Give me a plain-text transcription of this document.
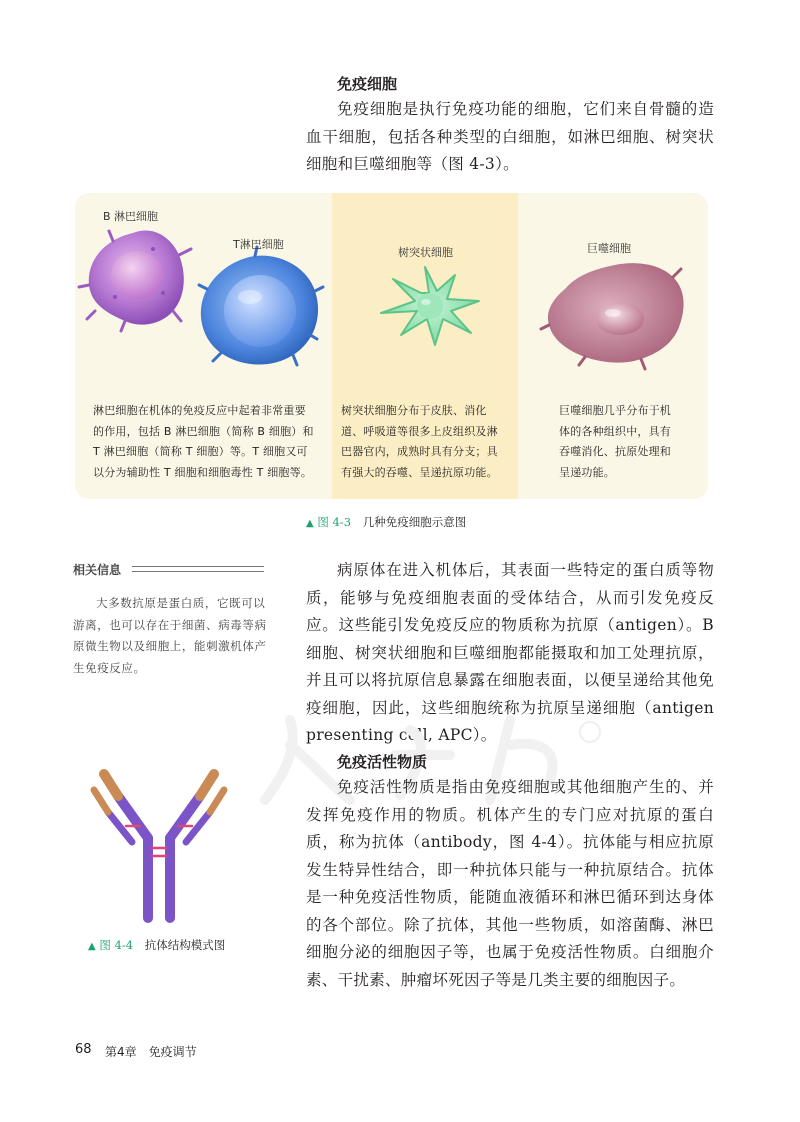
免疫细胞

免疫细胞是执行免疫功能的细胞，它们来自骨髓的造血干细胞，包括各种类型的白细胞，如淋巴细胞、树突状细胞和巨噬细胞等（图 4-3）。

B 淋巴细胞
T淋巴细胞
树突状细胞	巨噬细胞
淋巴细胞在机体的免疫反应中起着非常重要
的作用，包括 B 淋巴细胞（简称 B 细胞）和
T 淋巴细胞（简称 T 细胞）等。T 细胞又可
以分为辅助性 T 细胞和细胞毒性 T 细胞等。
树突状细胞分布于皮肤、消化
道、呼吸道等很多上皮组织及淋
巴器官内，成熟时具有分支；具
有强大的吞噬、呈递抗原功能。
巨噬细胞几乎分布于机
体的各种组织中，具有
吞噬消化、抗原处理和
呈递功能。
▲ 图 4-3 几种免疫细胞示意图
相关信息
大多数抗原是蛋白质，它既可以游离，也可以存在于细菌、病毒等病原微生物以及细胞上，能刺激机体产生免疫反应。

病原体在进入机体后，其表面一些特定的蛋白质等物质，能够与免疫细胞表面的受体结合，从而引发免疫反应。这些能引发免疫反应的物质称为抗原（antigen）。B 细胞、树突状细胞和巨噬细胞都能摄取和加工处理抗原，并且可以将抗原信息暴露在细胞表面，以便呈递给其他免疫细胞，因此，这些细胞统称为抗原呈递细胞（antigen presenting cell, APC）。

免疫活性物质

免疫活性物质是指由免疫细胞或其他细胞产生的、并发挥免疫作用的物质。机体产生的专门应对抗原的蛋白质，称为抗体（antibody，图 4-4）。抗体能与相应抗原发生特异性结合，即一种抗体只能与一种抗原结合。抗体是一种免疫活性物质，能随血液循环和淋巴循环到达身体的各个部位。除了抗体，其他一些物质，如溶菌酶、淋巴细胞分泌的细胞因子等，也属于免疫活性物质。白细胞介素、干扰素、肿瘤坏死因子等是几类主要的细胞因子。

▲ 图 4-4 抗体结构模式图
68 第4章　免疫调节
